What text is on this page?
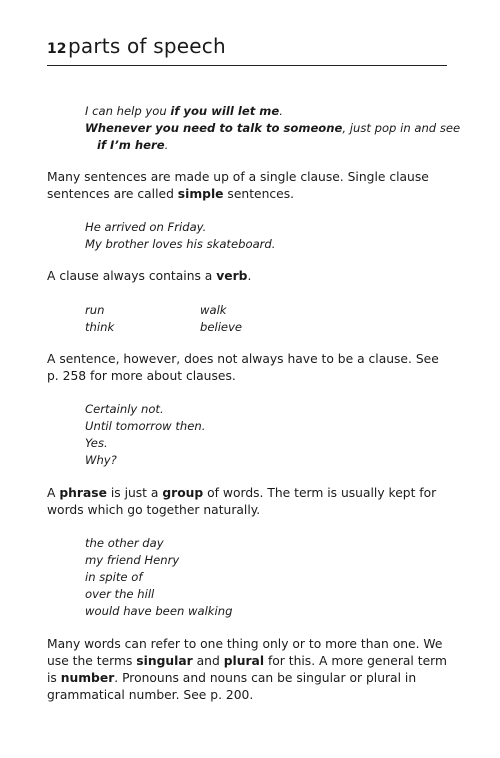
12 parts of speech
I can help you if you will let me.
Whenever you need to talk to someone, just pop in and see
if I’m here.
Many sentences are made up of a single clause. Single clause sentences are called simple sentences.
He arrived on Friday.
My brother loves his skateboard.
A clause always contains a verb.
run
think
walk
believe
A sentence, however, does not always have to be a clause. See p. 258 for more about clauses.
Certainly not.
Until tomorrow then.
Yes.
Why?
A phrase is just a group of words. The term is usually kept for words which go together naturally.
the other day
my friend Henry
in spite of
over the hill
would have been walking
Many words can refer to one thing only or to more than one. We use the terms singular and plural for this. A more general term is number. Pronouns and nouns can be singular or plural in grammatical number. See p. 200.
